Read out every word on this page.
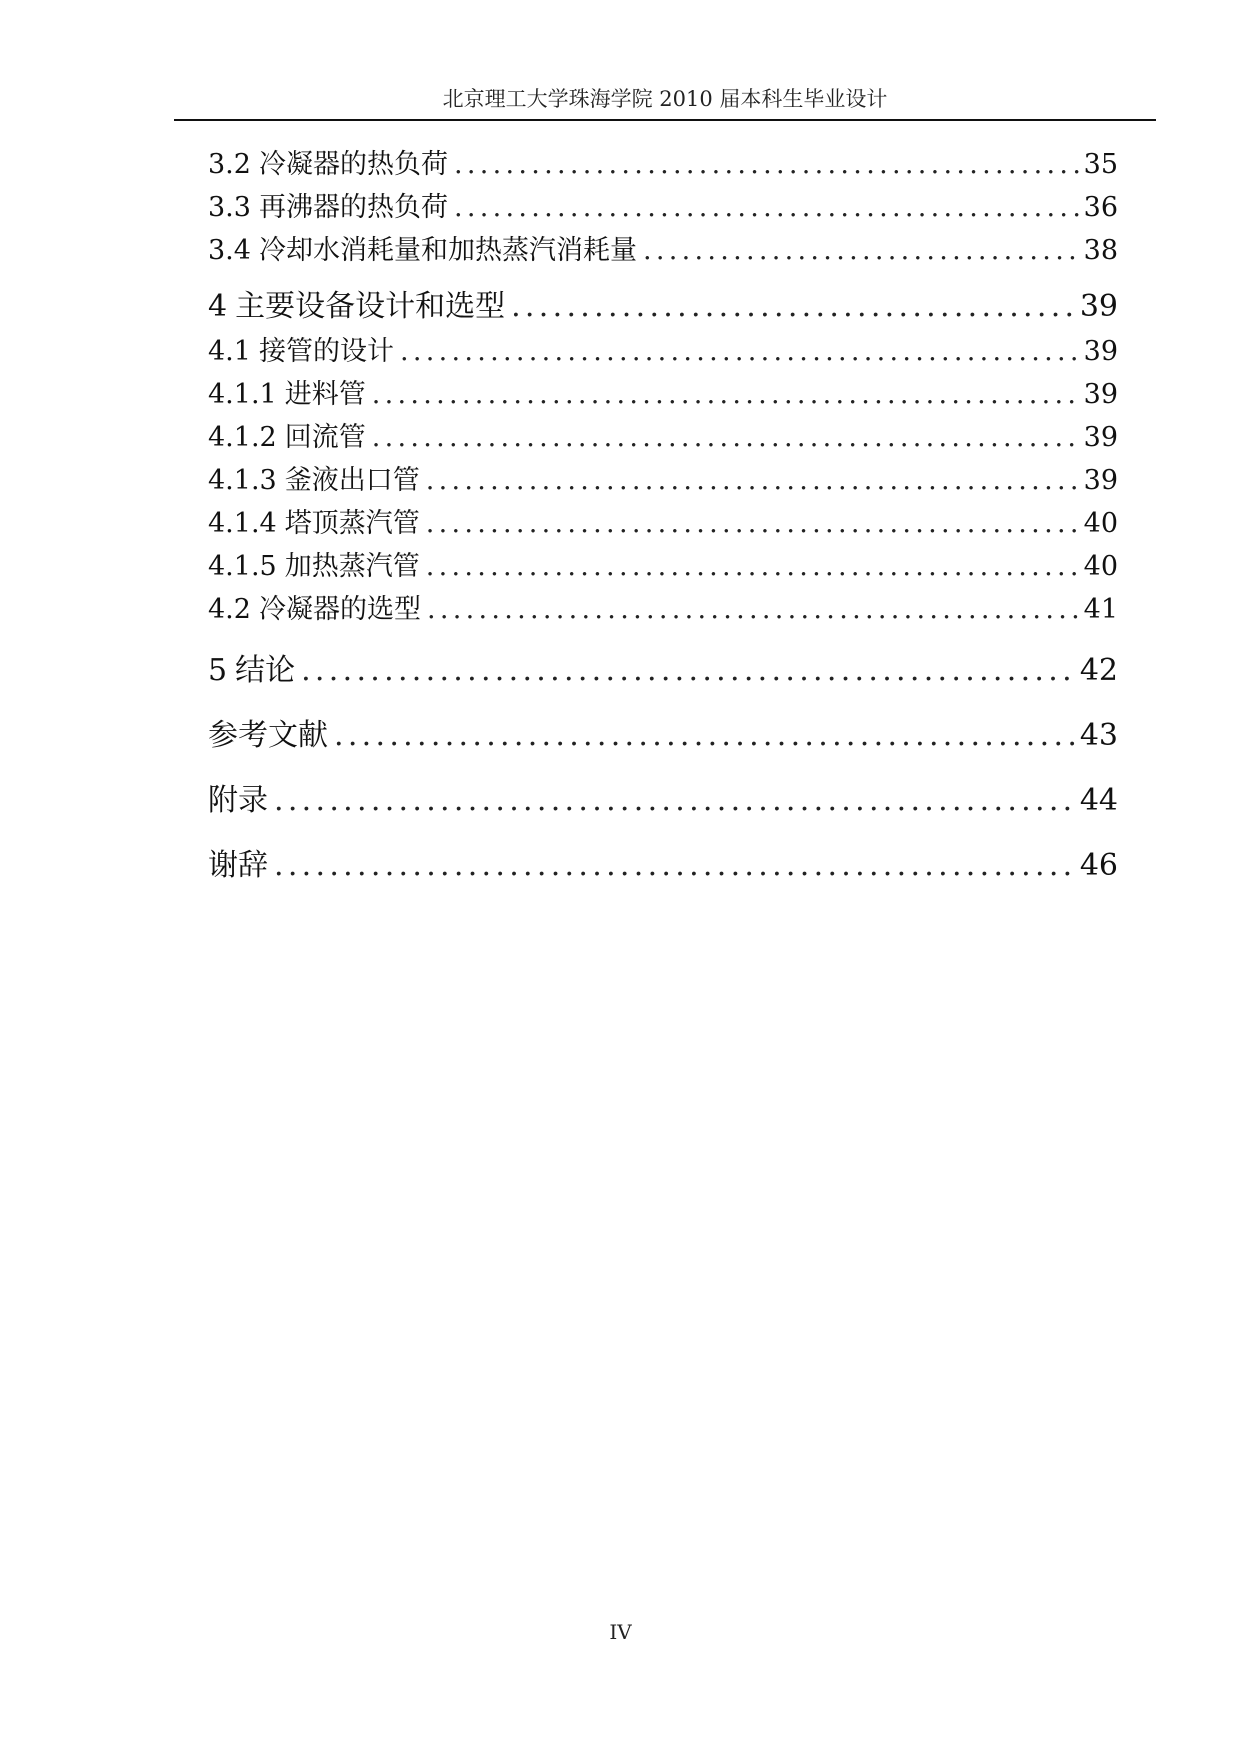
北京理工大学珠海学院 2010 届本科生毕业设计
3.2 冷凝器的热负荷 .....	35
3.3 再沸器的热负荷 .....	36
3.4 冷却水消耗量和加热蒸汽消耗量 .....	38
4 主要设备设计和选型 .....	39
4.1 接管的设计 .....	39
4.1.1 进料管 .....	39
4.1.2 回流管 .....	39
4.1.3 釜液出口管 .....	39
4.1.4 塔顶蒸汽管 .....	40
4.1.5 加热蒸汽管 .....	40
4.2 冷凝器的选型 .....	41
5 结论 .....	42
参考文献 .....	43
附录 .....	44
谢辞 .....	46
IV
